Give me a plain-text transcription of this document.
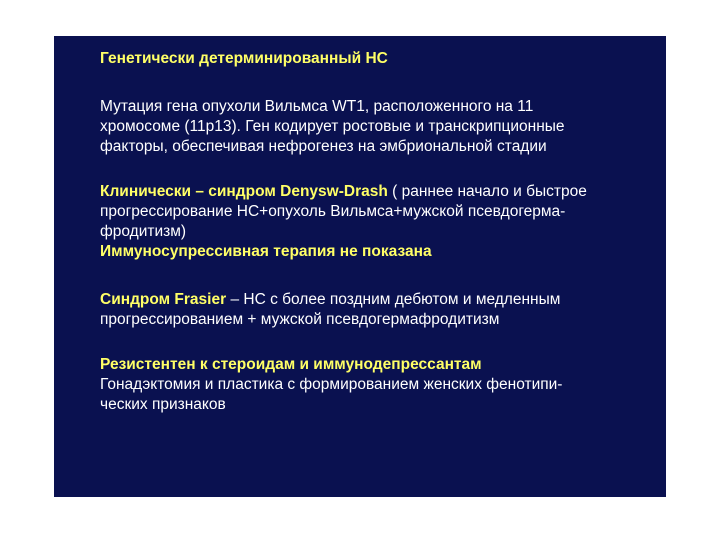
Генетически детерминированный НС
Мутация гена опухоли Вильмса WT1, расположенного на 11
хромосоме (11p13). Ген кодирует ростовые и транскрипционные
факторы, обеспечивая нефрогенез на эмбриональной стадии
Клинически – синдром Denysw-Drash ( раннее начало и быстрое
прогрессирование НС+опухоль Вильмса+мужской псевдогерма-
фродитизм)
Иммуносупрессивная терапия не показана
Синдром Frasier – НС с более поздним дебютом и медленным
прогрессированием + мужской псевдогермафродитизм
Резистентен к стероидам и иммунодепрессантам
Гонадэктомия и пластика с формированием женских фенотипи-
ческих признаков
